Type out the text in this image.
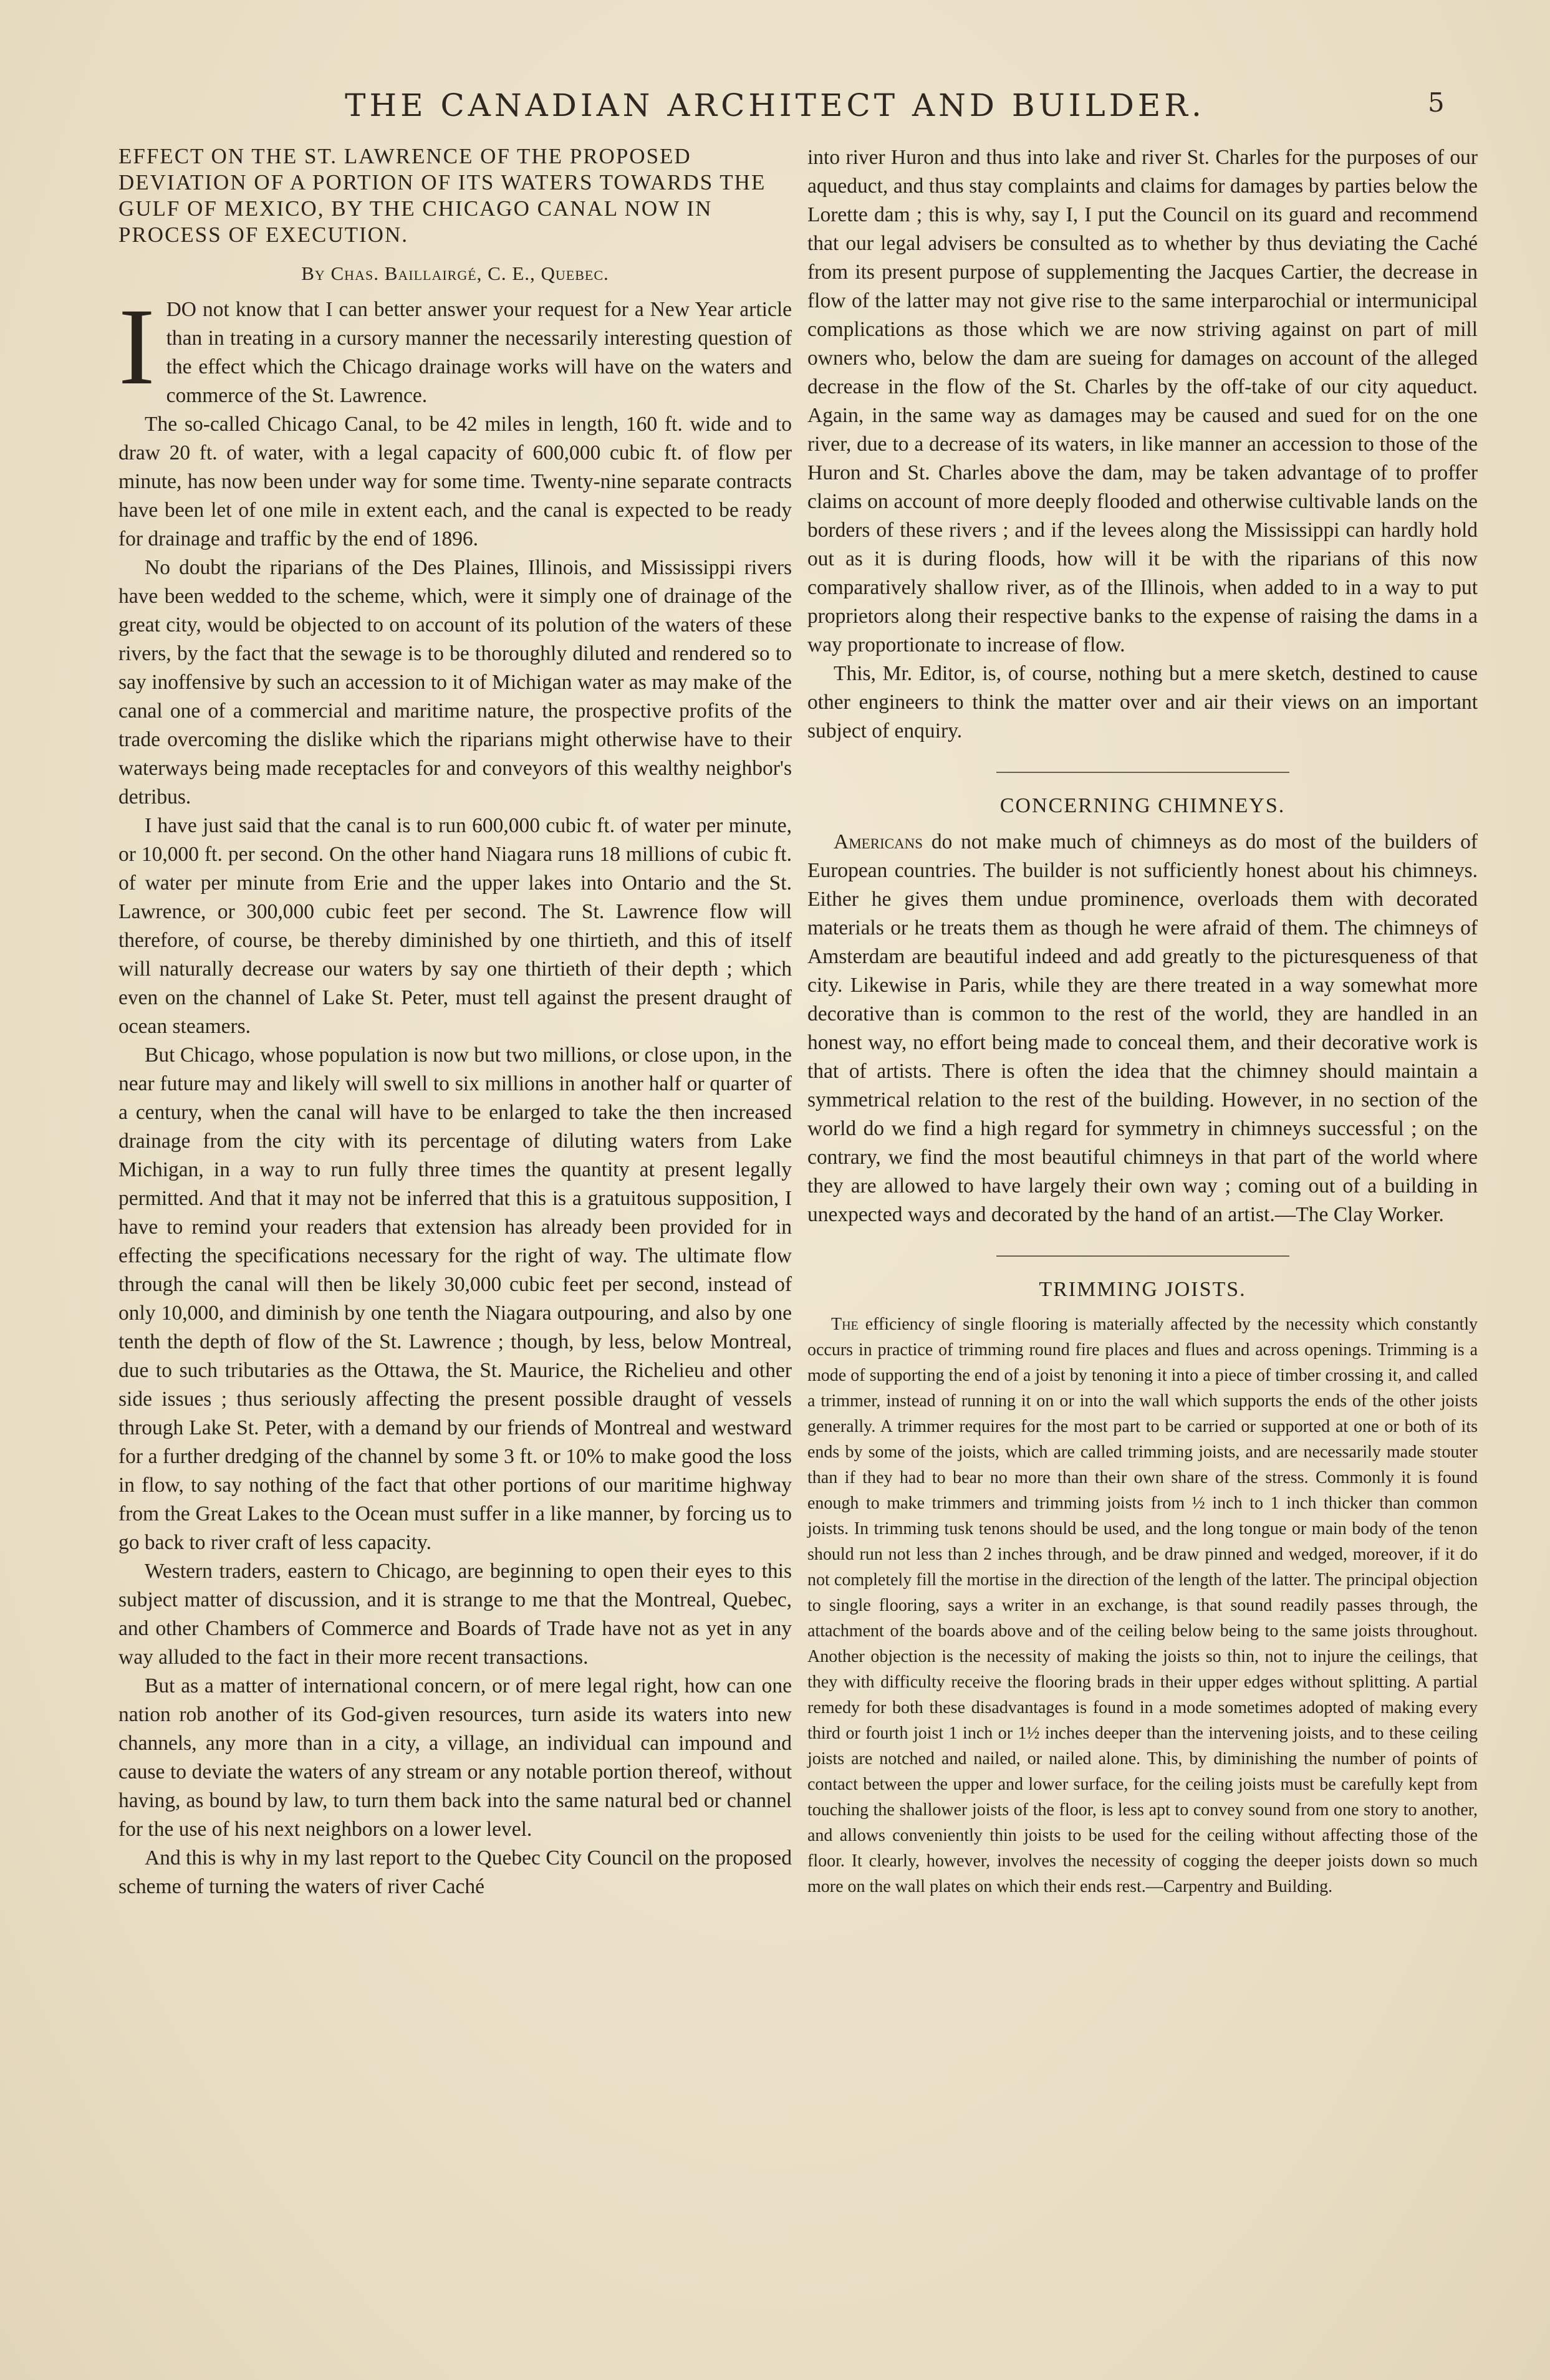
THE CANADIAN ARCHITECT AND BUILDER.	5
EFFECT ON THE ST. LAWRENCE OF THE PROPOSED DEVIATION OF A PORTION OF ITS WATERS TOWARDS THE GULF OF MEXICO, BY THE CHICAGO CANAL NOW IN PROCESS OF EXECUTION.
By Chas. Baillairgé, C. E., Quebec.

IDO not know that I can better answer your request for a New Year article than in treating in a cursory manner the necessarily interesting question of the effect which the Chicago drainage works will have on the waters and commerce of the St. Lawrence.

The so-called Chicago Canal, to be 42 miles in length, 160 ft. wide and to draw 20 ft. of water, with a legal capacity of 600,000 cubic ft. of flow per minute, has now been under way for some time. Twenty-nine separate contracts have been let of one mile in extent each, and the canal is expected to be ready for drainage and traffic by the end of 1896.

No doubt the riparians of the Des Plaines, Illinois, and Mississippi rivers have been wedded to the scheme, which, were it simply one of drainage of the great city, would be objected to on account of its polution of the waters of these rivers, by the fact that the sewage is to be thoroughly diluted and rendered so to say inoffensive by such an accession to it of Michigan water as may make of the canal one of a commercial and maritime nature, the prospective profits of the trade overcoming the dislike which the riparians might otherwise have to their waterways being made receptacles for and conveyors of this wealthy neighbor's detribus.

I have just said that the canal is to run 600,000 cubic ft. of water per minute, or 10,000 ft. per second. On the other hand Niagara runs 18 millions of cubic ft. of water per minute from Erie and the upper lakes into Ontario and the St. Lawrence, or 300,000 cubic feet per second. The St. Lawrence flow will therefore, of course, be thereby diminished by one thirtieth, and this of itself will naturally decrease our waters by say one thirtieth of their depth ; which even on the channel of Lake St. Peter, must tell against the present draught of ocean steamers.

But Chicago, whose population is now but two millions, or close upon, in the near future may and likely will swell to six millions in another half or quarter of a century, when the canal will have to be enlarged to take the then increased drainage from the city with its percentage of diluting waters from Lake Michigan, in a way to run fully three times the quantity at present legally permitted. And that it may not be inferred that this is a gratuitous supposition, I have to remind your readers that extension has already been provided for in effecting the specifications necessary for the right of way. The ultimate flow through the canal will then be likely 30,000 cubic feet per second, instead of only 10,000, and diminish by one tenth the Niagara outpouring, and also by one tenth the depth of flow of the St. Lawrence ; though, by less, below Montreal, due to such tributaries as the Ottawa, the St. Maurice, the Richelieu and other side issues ; thus seriously affecting the present possible draught of vessels through Lake St. Peter, with a demand by our friends of Montreal and westward for a further dredging of the channel by some 3 ft. or 10% to make good the loss in flow, to say nothing of the fact that other portions of our maritime highway from the Great Lakes to the Ocean must suffer in a like manner, by forcing us to go back to river craft of less capacity.

Western traders, eastern to Chicago, are beginning to open their eyes to this subject matter of discussion, and it is strange to me that the Montreal, Quebec, and other Chambers of Commerce and Boards of Trade have not as yet in any way alluded to the fact in their more recent transactions.

But as a matter of international concern, or of mere legal right, how can one nation rob another of its God-given resources, turn aside its waters into new channels, any more than in a city, a village, an individual can impound and cause to deviate the waters of any stream or any notable portion thereof, without having, as bound by law, to turn them back into the same natural bed or channel for the use of his next neighbors on a lower level.

And this is why in my last report to the Quebec City Council on the proposed scheme of turning the waters of river Caché

into river Huron and thus into lake and river St. Charles for the purposes of our aqueduct, and thus stay complaints and claims for damages by parties below the Lorette dam ; this is why, say I, I put the Council on its guard and recommend that our legal advisers be consulted as to whether by thus deviating the Caché from its present purpose of supplementing the Jacques Cartier, the decrease in flow of the latter may not give rise to the same interparochial or intermunicipal complications as those which we are now striving against on part of mill owners who, below the dam are sueing for damages on account of the alleged decrease in the flow of the St. Charles by the off-take of our city aqueduct. Again, in the same way as damages may be caused and sued for on the one river, due to a decrease of its waters, in like manner an accession to those of the Huron and St. Charles above the dam, may be taken advantage of to proffer claims on account of more deeply flooded and otherwise cultivable lands on the borders of these rivers ; and if the levees along the Mississippi can hardly hold out as it is during floods, how will it be with the riparians of this now comparatively shallow river, as of the Illinois, when added to in a way to put proprietors along their respective banks to the expense of raising the dams in a way proportionate to increase of flow.

This, Mr. Editor, is, of course, nothing but a mere sketch, destined to cause other engineers to think the matter over and air their views on an important subject of enquiry.

CONCERNING CHIMNEYS.

Americans do not make much of chimneys as do most of the builders of European countries. The builder is not sufficiently honest about his chimneys. Either he gives them undue prominence, overloads them with decorated materials or he treats them as though he were afraid of them. The chimneys of Amsterdam are beautiful indeed and add greatly to the picturesqueness of that city. Likewise in Paris, while they are there treated in a way somewhat more decorative than is common to the rest of the world, they are handled in an honest way, no effort being made to conceal them, and their decorative work is that of artists. There is often the idea that the chimney should maintain a symmetrical relation to the rest of the building. However, in no section of the world do we find a high regard for symmetry in chimneys successful ; on the contrary, we find the most beautiful chimneys in that part of the world where they are allowed to have largely their own way ; coming out of a building in unexpected ways and decorated by the hand of an artist.—The Clay Worker.

TRIMMING JOISTS.

The efficiency of single flooring is materially affected by the necessity which constantly occurs in practice of trimming round fire places and flues and across openings. Trimming is a mode of supporting the end of a joist by tenoning it into a piece of timber crossing it, and called a trimmer, instead of running it on or into the wall which supports the ends of the other joists generally. A trimmer requires for the most part to be carried or supported at one or both of its ends by some of the joists, which are called trimming joists, and are necessarily made stouter than if they had to bear no more than their own share of the stress. Commonly it is found enough to make trimmers and trimming joists from ½ inch to 1 inch thicker than common joists. In trimming tusk tenons should be used, and the long tongue or main body of the tenon should run not less than 2 inches through, and be draw pinned and wedged, moreover, if it do not completely fill the mortise in the direction of the length of the latter. The principal objection to single flooring, says a writer in an exchange, is that sound readily passes through, the attachment of the boards above and of the ceiling below being to the same joists throughout. Another objection is the necessity of making the joists so thin, not to injure the ceilings, that they with difficulty receive the flooring brads in their upper edges without splitting. A partial remedy for both these disadvantages is found in a mode sometimes adopted of making every third or fourth joist 1 inch or 1½ inches deeper than the intervening joists, and to these ceiling joists are notched and nailed, or nailed alone. This, by diminishing the number of points of contact between the upper and lower surface, for the ceiling joists must be carefully kept from touching the shallower joists of the floor, is less apt to convey sound from one story to another, and allows conveniently thin joists to be used for the ceiling without affecting those of the floor. It clearly, however, involves the necessity of cogging the deeper joists down so much more on the wall plates on which their ends rest.—Carpentry and Building.
